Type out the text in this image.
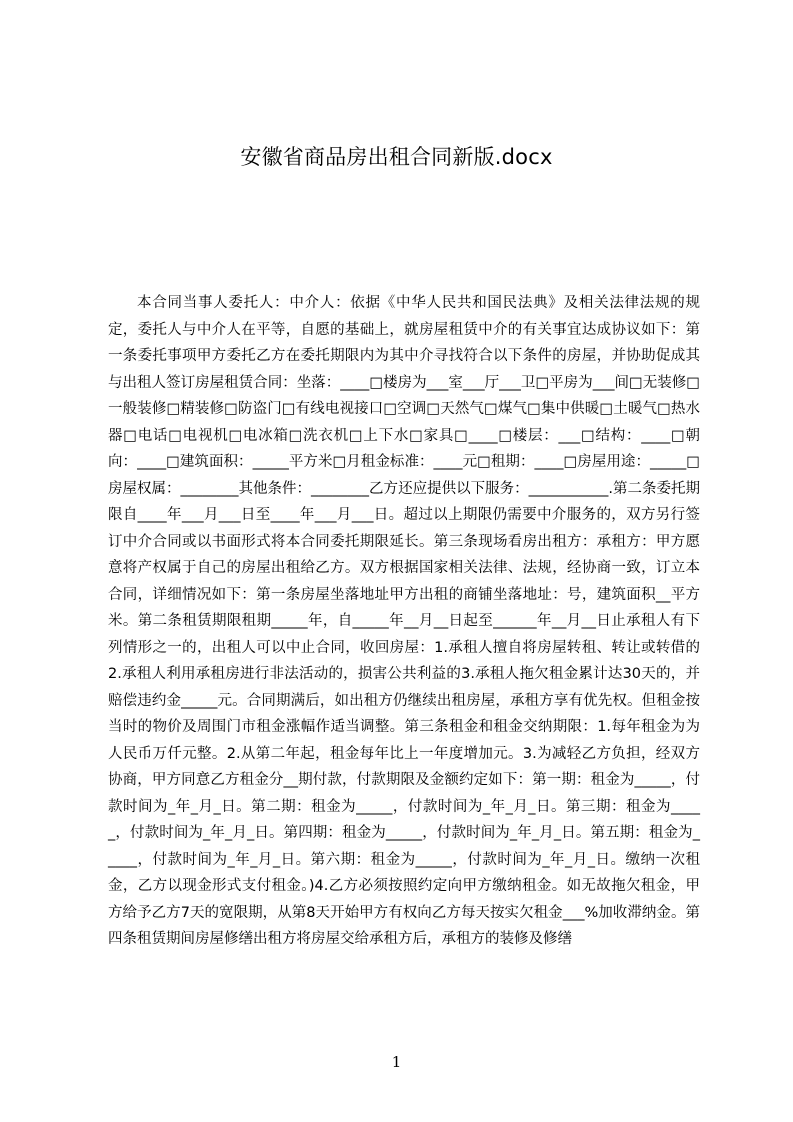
安徽省商品房出租合同新版.docx

本合同当事人委托人：中介人：依据《中华人民共和国民法典》及相关法律法规的规定，委托人与中介人在平等，自愿的基础上，就房屋租赁中介的有关事宜达成协议如下：第一条委托事项甲方委托乙方在委托期限内为其中介寻找符合以下条件的房屋，并协助促成其与出租人签订房屋租赁合同：坐落：____□楼房为___室___厅___卫□平房为___间□无装修□一般装修□精装修□防盗门□有线电视接口□空调□天然气□煤气□集中供暖□土暖气□热水器□电话□电视机□电冰箱□洗衣机□上下水□家具□____□楼层：___□结构：____□朝向：____□建筑面积：_____平方米□月租金标准：____元□租期：____□房屋用途：_____□房屋权属：________其他条件：________乙方还应提供以下服务：___________.第二条委托期限自____年___月___日至____年___月___日。超过以上期限仍需要中介服务的，双方另行签订中介合同或以书面形式将本合同委托期限延长。第三条现场看房出租方：承租方：甲方愿意将产权属于自己的房屋出租给乙方。双方根据国家相关法律、法规，经协商一致，订立本合同，详细情况如下：第一条房屋坐落地址甲方出租的商铺坐落地址：号，建筑面积__平方米。第二条租赁期限租期_____年，自_____年__月__日起至______年__月__日止承租人有下列情形之一的，出租人可以中止合同，收回房屋：1.承租人擅自将房屋转租、转让或转借的2.承租人利用承租房进行非法活动的，损害公共利益的3.承租人拖欠租金累计达30天的，并赔偿违约金_____元。合同期满后，如出租方仍继续出租房屋，承租方享有优先权。但租金按当时的物价及周围门市租金涨幅作适当调整。第三条租金和租金交纳期限：1.每年租金为为人民币万仟元整。2.从第二年起，租金每年比上一年度增加元。3.为减轻乙方负担，经双方协商，甲方同意乙方租金分__期付款，付款期限及金额约定如下：第一期：租金为_____，付款时间为_年_月_日。第二期：租金为_____，付款时间为_年_月_日。第三期：租金为_____，付款时间为_年_月_日。第四期：租金为_____，付款时间为_年_月_日。第五期：租金为_____，付款时间为_年_月_日。第六期：租金为_____，付款时间为_年_月_日。缴纳一次租金，乙方以现金形式支付租金。)4.乙方必须按照约定向甲方缴纳租金。如无故拖欠租金，甲方给予乙方7天的宽限期，从第8天开始甲方有权向乙方每天按实欠租金___%加收滞纳金。第四条租赁期间房屋修缮出租方将房屋交给承租方后，承租方的装修及修缮

1
